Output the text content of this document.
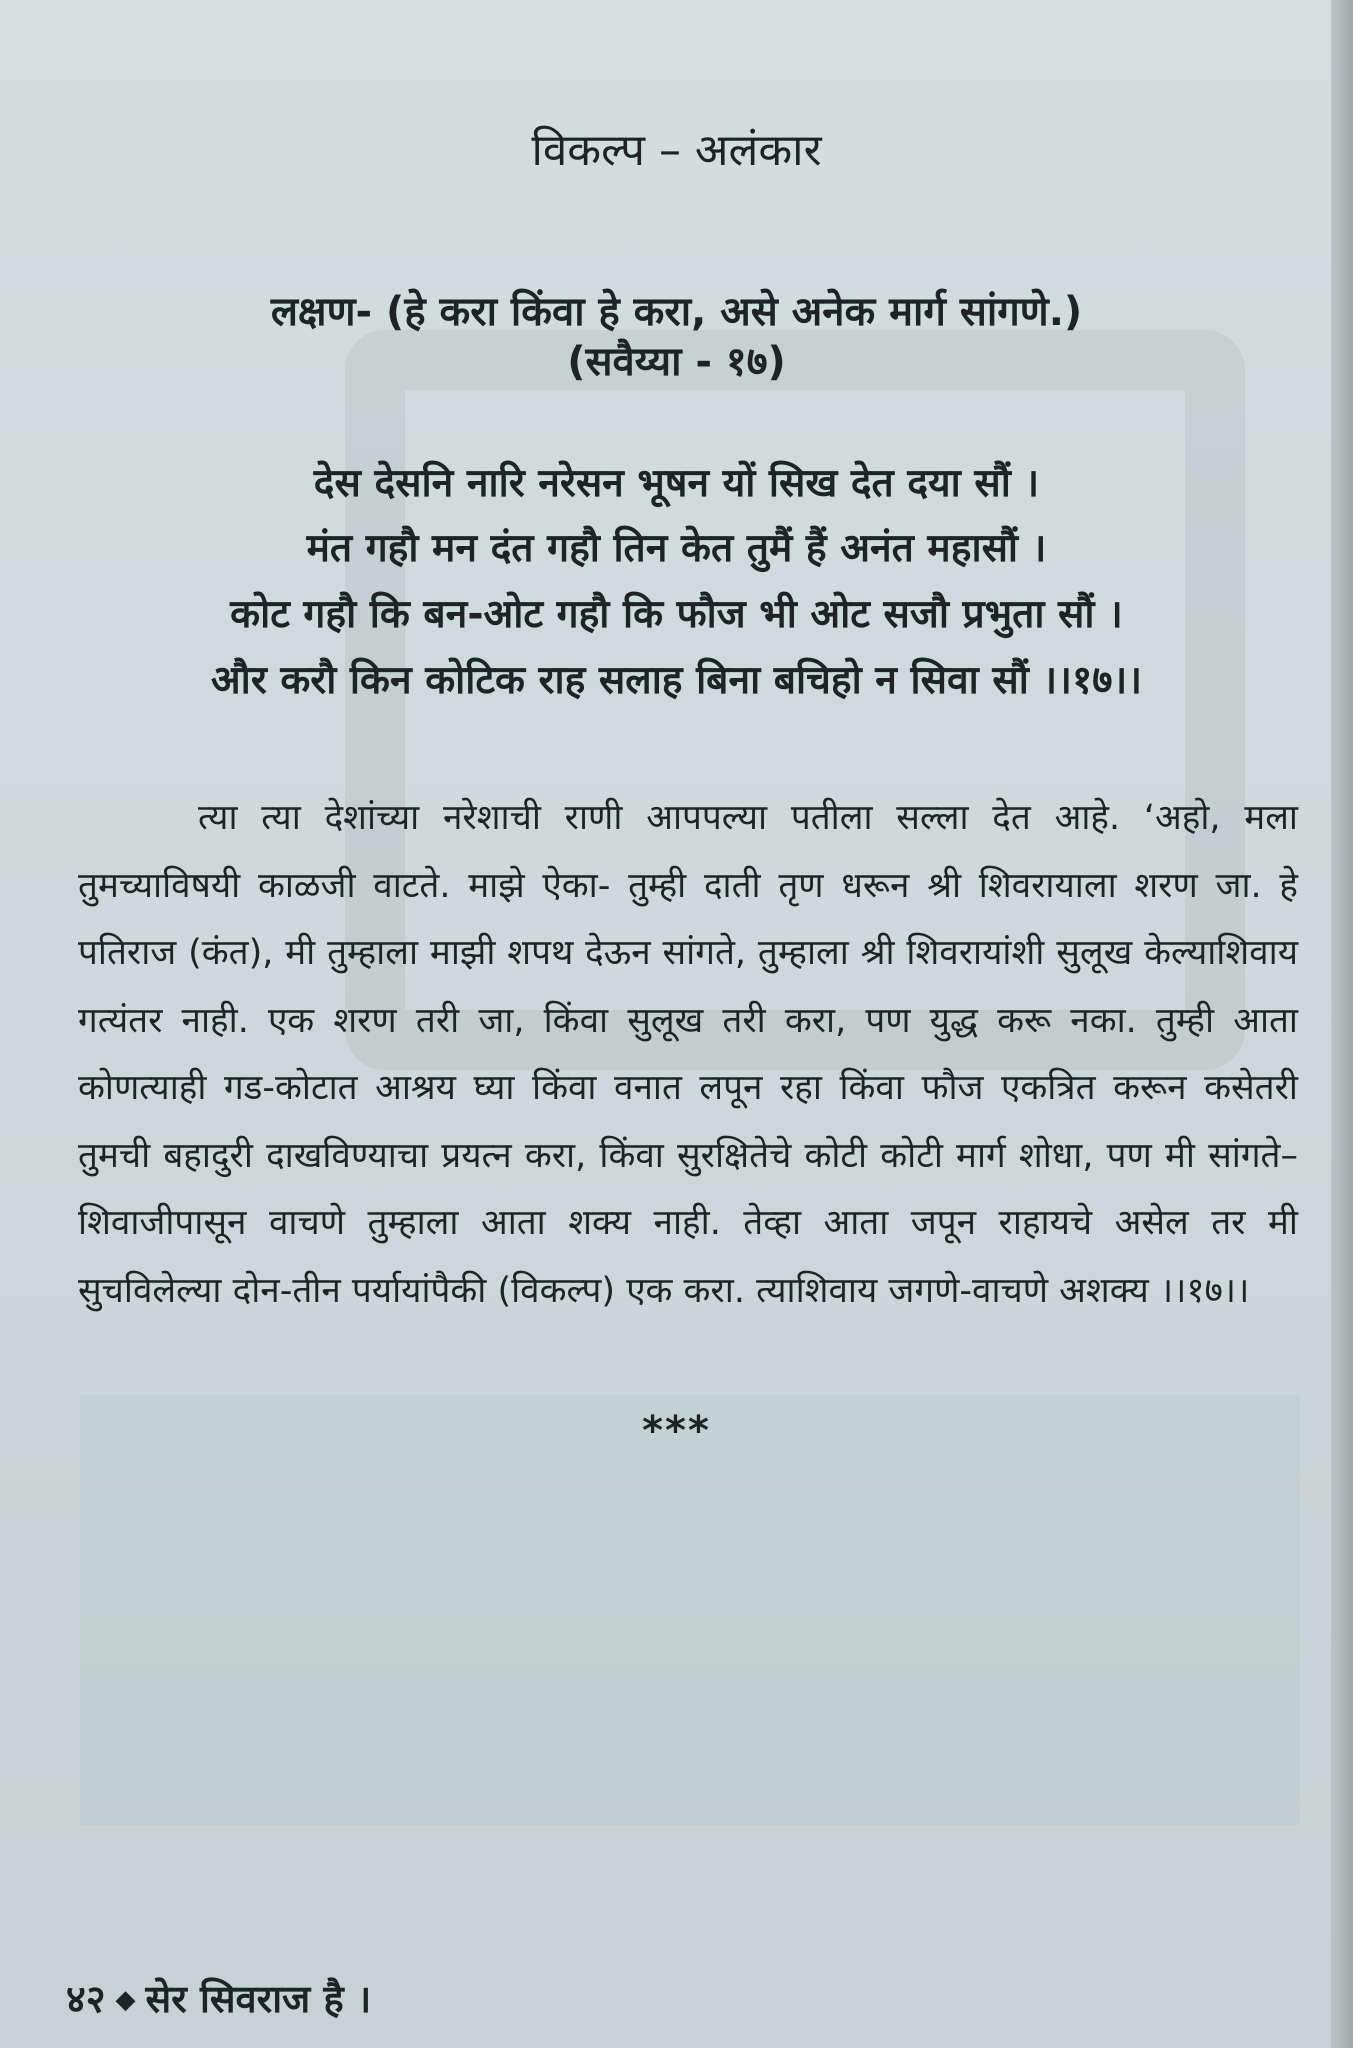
विकल्प – अलंकार
लक्षण- (हे करा किंवा हे करा, असे अनेक मार्ग सांगणे.)
(सवैय्या - १७)
देस देसनि नारि नरेसन भूषन यों सिख देत दया सौं ।
मंत गहौ मन दंत गहौ तिन केत तुमैं हैं अनंत महासौं ।
कोट गहौ कि बन-ओट गहौ कि फौज भी ओट सजौ प्रभुता सौं ।
और करौ किन कोटिक राह सलाह बिना बचिहो न सिवा सौं ।।१७।।
त्या त्या देशांच्या नरेशाची राणी आपपल्या पतीला सल्ला देत आहे. ‘अहो, मला तुमच्याविषयी काळजी वाटते. माझे ऐका- तुम्ही दाती तृण धरून श्री शिवरायाला शरण जा. हे पतिराज (कंत), मी तुम्हाला माझी शपथ देऊन सांगते, तुम्हाला श्री शिवरायांशी सुलूख केल्याशिवाय गत्यंतर नाही. एक शरण तरी जा, किंवा सुलूख तरी करा, पण युद्ध करू नका. तुम्ही आता कोणत्याही गड-कोटात आश्रय घ्या किंवा वनात लपून रहा किंवा फौज एकत्रित करून कसेतरी तुमची बहादुरी दाखविण्याचा प्रयत्न करा, किंवा सुरक्षितेचे कोटी कोटी मार्ग शोधा, पण मी सांगते– शिवाजीपासून वाचणे तुम्हाला आता शक्य नाही. तेव्हा आता जपून राहायचे असेल तर मी सुचविलेल्या दोन-तीन पर्यायांपैकी (विकल्प) एक करा. त्याशिवाय जगणे-वाचणे अशक्य ।।१७।।
***
४२ ◆ सेर सिवराज है ।
